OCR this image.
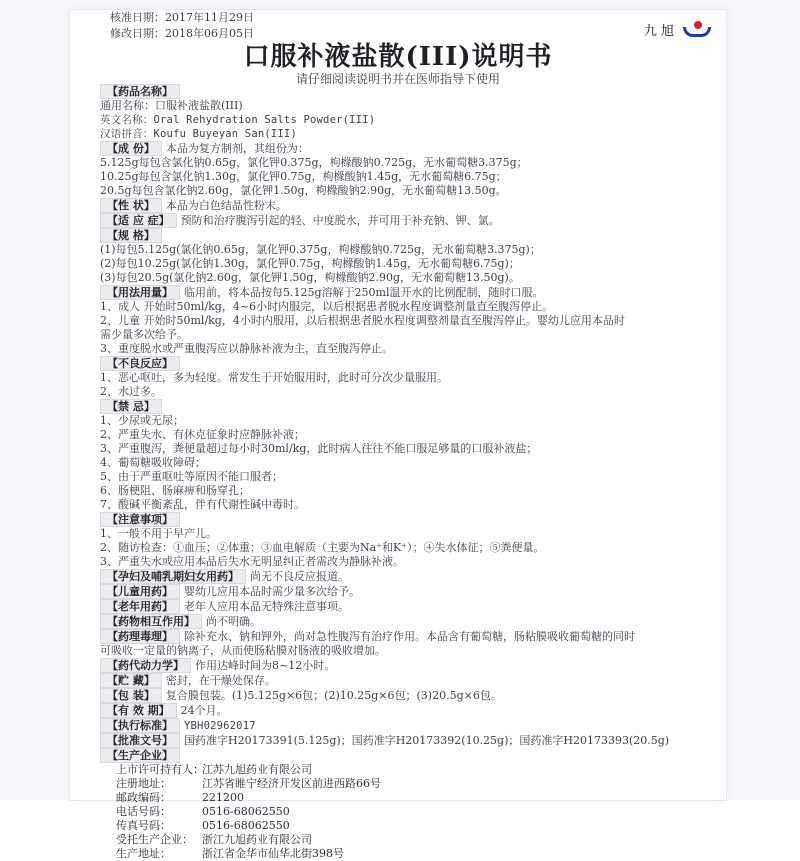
核准日期：2017年11月29日
修改日期：2018年06月05日	九 旭
口服补液盐散(III)说明书
请仔细阅读说明书并在医师指导下使用
【药品名称】
通用名称：口服补液盐散(III)
英文名称：Oral Rehydration Salts Powder(III)
汉语拼音：Koufu Buyeyan San(III)
【成 份】 本品为复方制剂，其组份为：
5.125g每包含氯化钠0.65g，氯化钾0.375g，枸橼酸钠0.725g，无水葡萄糖3.375g；
10.25g每包含氯化钠1.30g，氯化钾0.75g，枸橼酸钠1.45g，无水葡萄糖6.75g；
20.5g每包含氯化钠2.60g，氯化钾1.50g，枸橼酸钠2.90g，无水葡萄糖13.50g。
【性 状】 本品为白色结晶性粉末。
【适 应 症】 预防和治疗腹泻引起的轻、中度脱水，并可用于补充钠、钾、氯。
【规 格】
(1)每包5.125g(氯化钠0.65g，氯化钾0.375g，枸橼酸钠0.725g，无水葡萄糖3.375g)；
(2)每包10.25g(氯化钠1.30g，氯化钾0.75g，枸橼酸钠1.45g，无水葡萄糖6.75g)；
(3)每包20.5g(氯化钠2.60g，氯化钾1.50g，枸橼酸钠2.90g，无水葡萄糖13.50g)。
【用法用量】 临用前，将本品按每5.125g溶解于250ml温开水的比例配制，随时口服。
1、成人 开始时50ml/kg，4~6小时内服完，以后根据患者脱水程度调整剂量直至腹泻停止。
2、儿童 开始时50ml/kg，4小时内服用，以后根据患者脱水程度调整剂量直至腹泻停止。婴幼儿应用本品时
需少量多次给予。
3、重度脱水或严重腹泻应以静脉补液为主，直至腹泻停止。
【不良反应】
1、恶心呕吐，多为轻度。常发生于开始服用时，此时可分次少量服用。
2、水过多。
【禁 忌】
1、少尿或无尿；
2、严重失水、有休克征象时应静脉补液；
3、严重腹泻，粪便量超过每小时30ml/kg，此时病人往往不能口服足够量的口服补液盐；
4、葡萄糖吸收障碍；
5、由于严重呕吐等原因不能口服者；
6、肠梗阻、肠麻痹和肠穿孔；
7、酸碱平衡紊乱，伴有代谢性碱中毒时。
【注意事项】
1、一般不用于早产儿。
2、随访检查：①血压；②体重；③血电解质（主要为Na⁺和K⁺）；④失水体征；⑤粪便量。
3、严重失水或应用本品后失水无明显纠正者需改为静脉补液。
【孕妇及哺乳期妇女用药】 尚无不良反应报道。
【儿童用药】 婴幼儿应用本品时需少量多次给予。
【老年用药】 老年人应用本品无特殊注意事项。
【药物相互作用】 尚不明确。
【药理毒理】 除补充水、钠和钾外，尚对急性腹泻有治疗作用。本品含有葡萄糖，肠粘膜吸收葡萄糖的同时
可吸收一定量的钠离子，从而使肠粘膜对肠液的吸收增加。
【药代动力学】 作用达峰时间为8~12小时。
【贮 藏】 密封，在干燥处保存。
【包 装】 复合膜包装。(1)5.125g×6包；(2)10.25g×6包；(3)20.5g×6包。
【有 效 期】 24个月。
【执行标准】 YBH02962017
【批准文号】 国药准字H20173391(5.125g)；国药准字H20173392(10.25g)；国药准字H20173393(20.5g)
【生产企业】
上市许可持有人：江苏九旭药业有限公司
注册地址：	江苏省睢宁经济开发区前进西路66号
邮政编码：	221200
电话号码：	0516-68062550
传真号码：	0516-68062550
受托生产企业： 浙江九旭药业有限公司
生产地址：	浙江省金华市仙华北街398号
